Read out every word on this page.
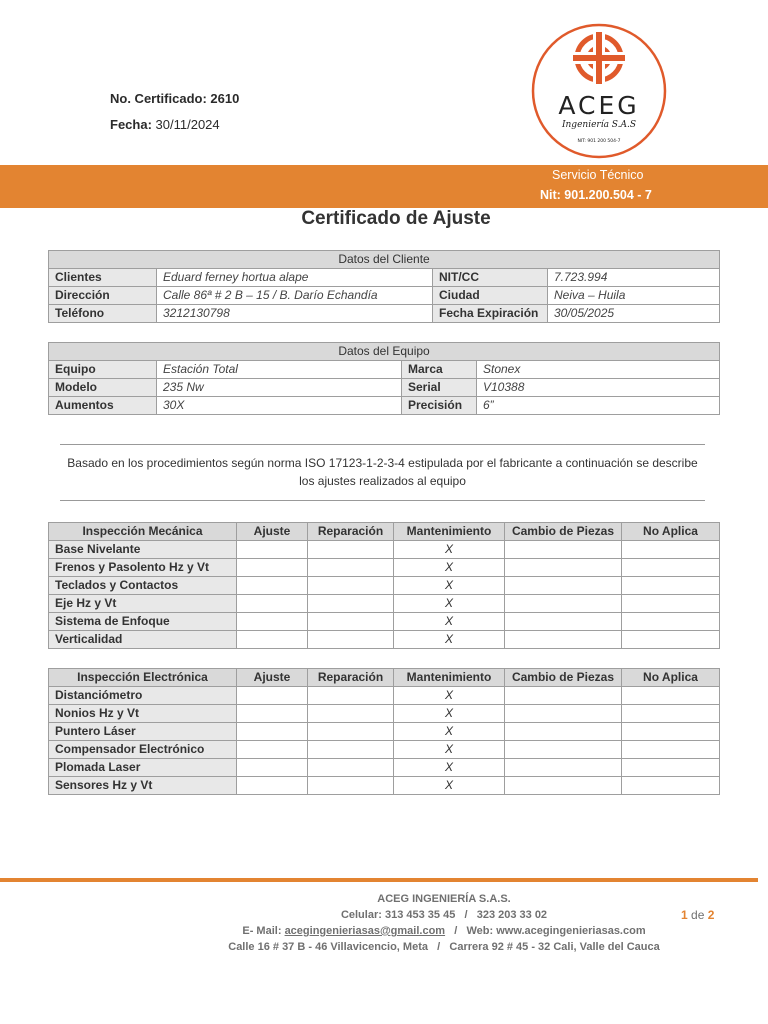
No. Certificado: 2610
Fecha: 30/11/2024
ACEG
Ingeniería S.A.S
NIT: 901 200 504-7
Servicio Técnico
Nit: 901.200.504 - 7
Certificado de Ajuste
Datos del Cliente			
Clientes	Eduard ferney hortua alape	NIT/CC	7.723.994
Dirección	Calle 86ª # 2 B – 15 / B. Darío Echandía	Ciudad	Neiva – Huila
Teléfono	3212130798	Fecha Expiración	30/05/2025
Datos del Equipo			
Equipo	Estación Total	Marca	Stonex
Modelo	235 Nw	Serial	V10388
Aumentos	30X	Precisión	6”
Basado en los procedimientos según norma ISO 17123-1-2-3-4 estipulada por el fabricante a continuación se describe los ajustes realizados al equipo
Inspección Mecánica	Ajuste	Reparación	Mantenimiento	Cambio de Piezas	No Aplica
Base Nivelante			X		
Frenos y Pasolento Hz y Vt			X		
Teclados y Contactos			X		
Eje Hz y Vt			X		
Sistema de Enfoque			X		
Verticalidad			X		
Inspección Electrónica	Ajuste	Reparación	Mantenimiento	Cambio de Piezas	No Aplica
Distanciómetro			X		
Nonios Hz y Vt			X		
Puntero Láser			X		
Compensador Electrónico			X		
Plomada Laser			X		
Sensores Hz y Vt			X		
ACEG INGENIERÍA S.A.S.
Celular: 313 453 35 45   /   323 203 33 02
E- Mail: acegingenieriasas@gmail.com   /   Web: www.acegingenieriasas.com
Calle 16 # 37 B - 46 Villavicencio, Meta   /   Carrera 92 # 45 - 32 Cali, Valle del Cauca
1 de 2
